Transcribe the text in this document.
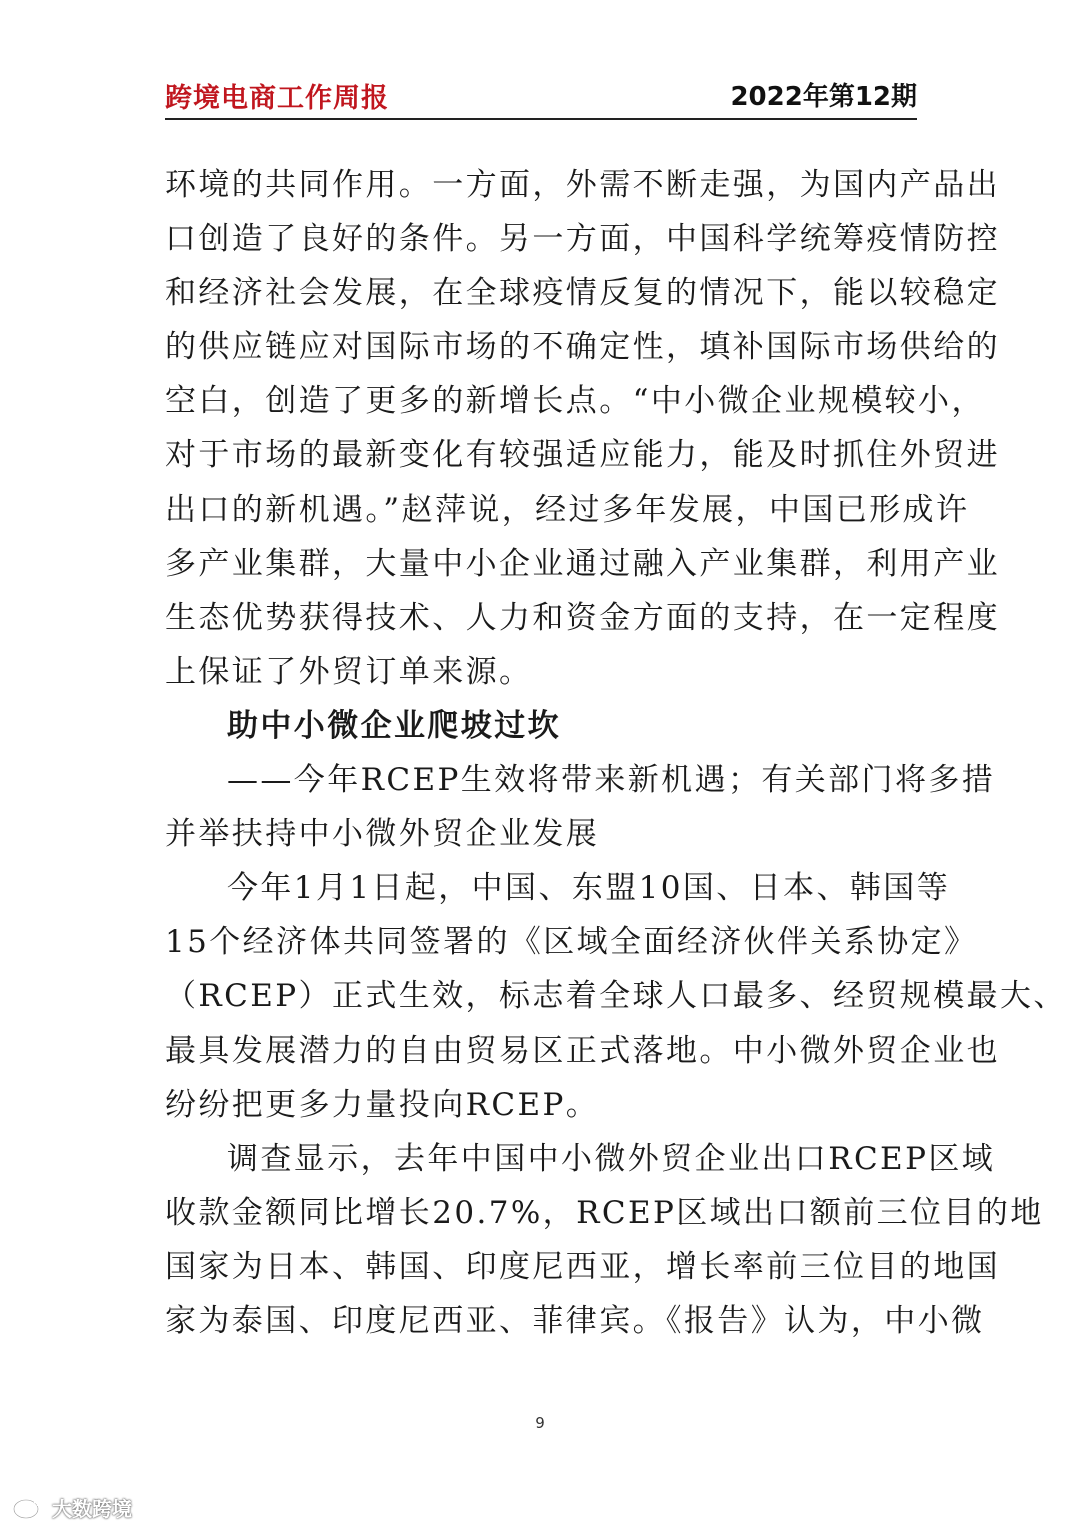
跨境电商工作周报	2022年第12期
环境的共同作用。一方面，外需不断走强，为国内产品出
口创造了良好的条件。另一方面，中国科学统筹疫情防控
和经济社会发展，在全球疫情反复的情况下，能以较稳定
的供应链应对国际市场的不确定性，填补国际市场供给的
空白，创造了更多的新增长点。“中小微企业规模较小，
对于市场的最新变化有较强适应能力，能及时抓住外贸进
出口的新机遇。”赵萍说，经过多年发展，中国已形成许
多产业集群，大量中小企业通过融入产业集群，利用产业
生态优势获得技术、人力和资金方面的支持，在一定程度
上保证了外贸订单来源。
助中小微企业爬坡过坎
——今年RCEP生效将带来新机遇；有关部门将多措
并举扶持中小微外贸企业发展
今年1月1日起，中国、东盟10国、日本、韩国等
15个经济体共同签署的《区域全面经济伙伴关系协定》
（RCEP）正式生效，标志着全球人口最多、经贸规模最大、
最具发展潜力的自由贸易区正式落地。中小微外贸企业也
纷纷把更多力量投向RCEP。
调查显示，去年中国中小微外贸企业出口RCEP区域
收款金额同比增长20.7%，RCEP区域出口额前三位目的地
国家为日本、韩国、印度尼西亚，增长率前三位目的地国
家为泰国、印度尼西亚、菲律宾。《报告》认为，中小微
9
大数跨境
